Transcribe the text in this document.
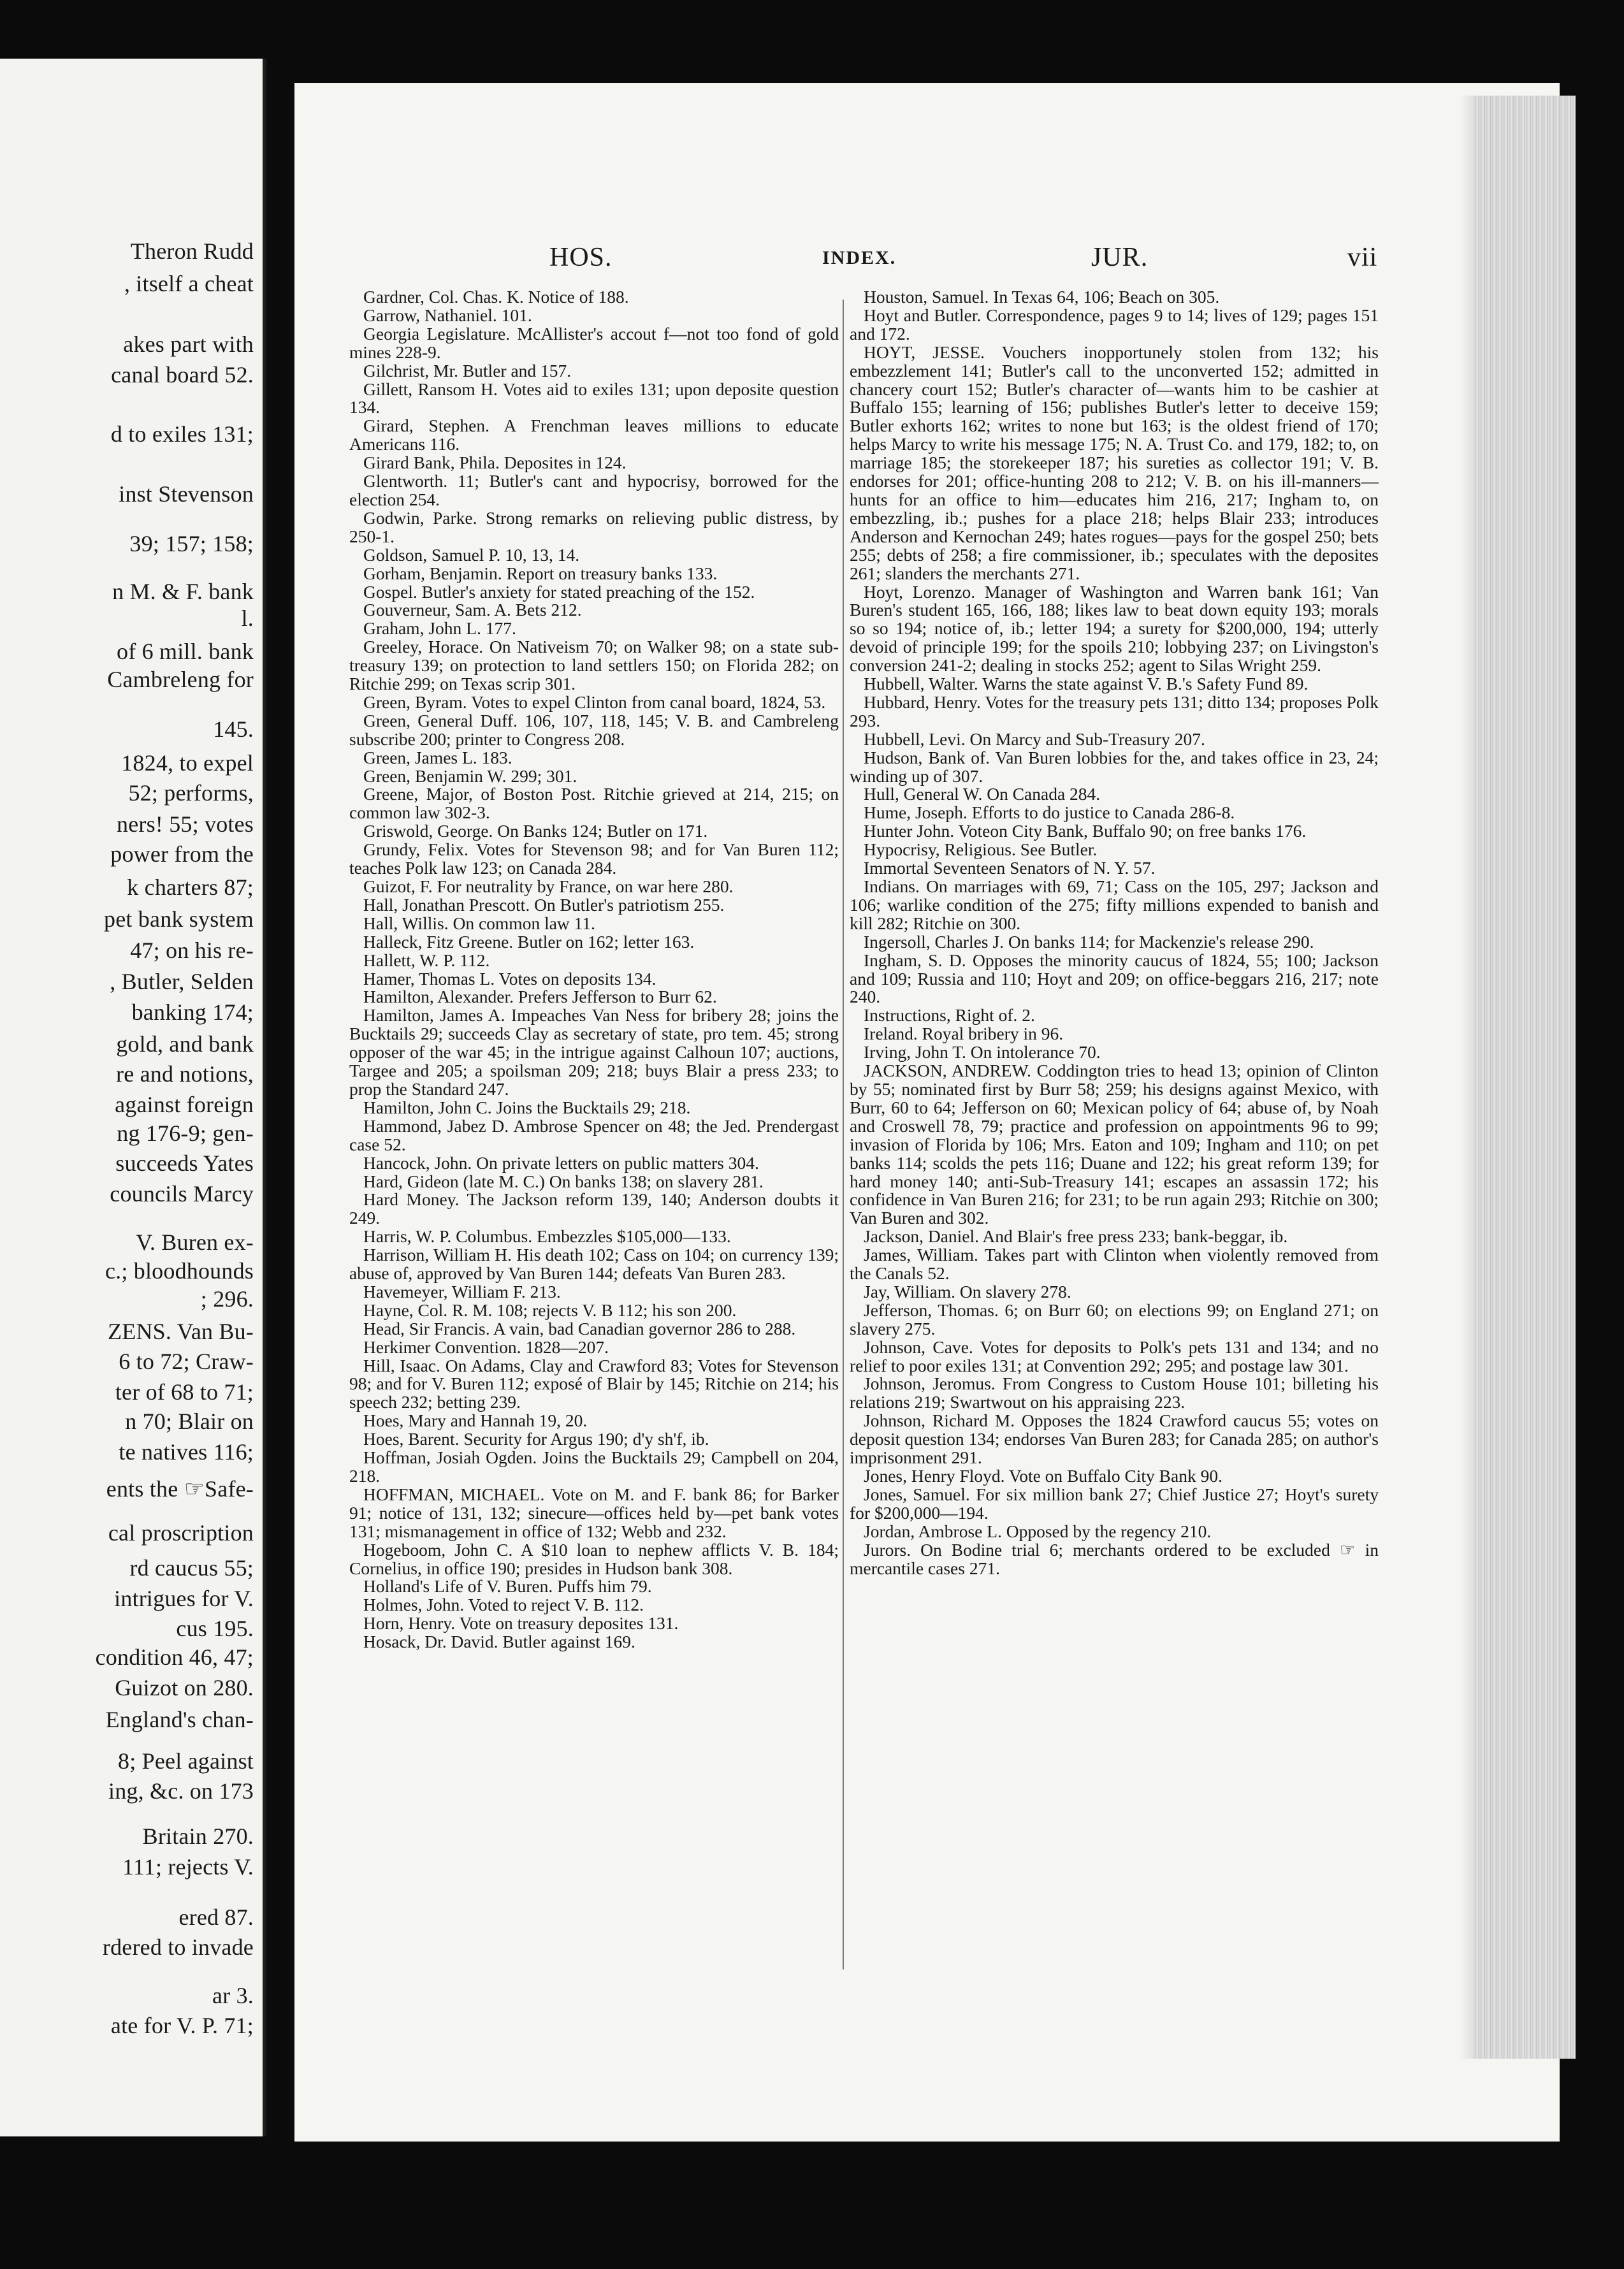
Theron Rudd
, itself a cheat
akes part with
canal board 52.
d to exiles 131;
inst Stevenson
39; 157; 158;
n M. & F. bank
l.
of 6 mill. bank
Cambreleng for
145.
1824, to expel
52; performs,
ners! 55; votes
power from the
k charters 87;
pet bank system
47; on his re-
, Butler, Selden
banking 174;
gold, and bank
re and notions,
against foreign
ng 176-9; gen-
succeeds Yates
councils Marcy
V. Buren ex-
c.; bloodhounds
; 296.
ZENS. Van Bu-
6 to 72; Craw-
ter of 68 to 71;
n 70; Blair on
te natives 116;
ents the ☞Safe-
cal proscription
rd caucus 55;
intrigues for V.
cus 195.
condition 46, 47;
Guizot on 280.
England's chan-
8; Peel against
ing, &c. on 173
Britain 270.
111; rejects V.
ered 87.
rdered to invade
ar 3.
ate for V. P. 71;
HOS.	INDEX.	JUR.	vii

Gardner, Col. Chas. K. Notice of 188.

Garrow, Nathaniel. 101.

Georgia Legislature. McAllister's accout f—not too fond of gold mines 228-9.

Gilchrist, Mr. Butler and 157.

Gillett, Ransom H. Votes aid to exiles 131; upon deposite question 134.

Girard, Stephen. A Frenchman leaves millions to educate Americans 116.

Girard Bank, Phila. Deposites in 124.

Glentworth. 11; Butler's cant and hypocrisy, borrowed for the election 254.

Godwin, Parke. Strong remarks on relieving public distress, by 250-1.

Goldson, Samuel P. 10, 13, 14.

Gorham, Benjamin. Report on treasury banks 133.

Gospel. Butler's anxiety for stated preaching of the 152.

Gouverneur, Sam. A. Bets 212.

Graham, John L. 177.

Greeley, Horace. On Nativeism 70; on Walker 98; on a state sub-treasury 139; on protection to land settlers 150; on Florida 282; on Ritchie 299; on Texas scrip 301.

Green, Byram. Votes to expel Clinton from canal board, 1824, 53.

Green, General Duff. 106, 107, 118, 145; V. B. and Cambreleng subscribe 200; printer to Congress 208.

Green, James L. 183.

Green, Benjamin W. 299; 301.

Greene, Major, of Boston Post. Ritchie grieved at 214, 215; on common law 302-3.

Griswold, George. On Banks 124; Butler on 171.

Grundy, Felix. Votes for Stevenson 98; and for Van Buren 112; teaches Polk law 123; on Canada 284.

Guizot, F. For neutrality by France, on war here 280.

Hall, Jonathan Prescott. On Butler's patriotism 255.

Hall, Willis. On common law 11.

Halleck, Fitz Greene. Butler on 162; letter 163.

Hallett, W. P. 112.

Hamer, Thomas L. Votes on deposits 134.

Hamilton, Alexander. Prefers Jefferson to Burr 62.

Hamilton, James A. Impeaches Van Ness for bribery 28; joins the Bucktails 29; succeeds Clay as secretary of state, pro tem. 45; strong opposer of the war 45; in the intrigue against Calhoun 107; auctions, Targee and 205; a spoilsman 209; 218; buys Blair a press 233; to prop the Standard 247.

Hamilton, John C. Joins the Bucktails 29; 218.

Hammond, Jabez D. Ambrose Spencer on 48; the Jed. Prendergast case 52.

Hancock, John. On private letters on public matters 304.

Hard, Gideon (late M. C.) On banks 138; on slavery 281.

Hard Money. The Jackson reform 139, 140; Anderson doubts it 249.

Harris, W. P. Columbus. Embezzles $105,000—133.

Harrison, William H. His death 102; Cass on 104; on currency 139; abuse of, approved by Van Buren 144; defeats Van Buren 283.

Havemeyer, William F. 213.

Hayne, Col. R. M. 108; rejects V. B 112; his son 200.

Head, Sir Francis. A vain, bad Canadian governor 286 to 288.

Herkimer Convention. 1828—207.

Hill, Isaac. On Adams, Clay and Crawford 83; Votes for Stevenson 98; and for V. Buren 112; exposé of Blair by 145; Ritchie on 214; his speech 232; betting 239.

Hoes, Mary and Hannah 19, 20.

Hoes, Barent. Security for Argus 190; d'y sh'f, ib.

Hoffman, Josiah Ogden. Joins the Bucktails 29; Campbell on 204, 218.

HOFFMAN, MICHAEL. Vote on M. and F. bank 86; for Barker 91; notice of 131, 132; sinecure—offices held by—pet bank votes 131; mismanagement in office of 132; Webb and 232.

Hogeboom, John C. A $10 loan to nephew afflicts V. B. 184; Cornelius, in office 190; presides in Hudson bank 308.

Holland's Life of V. Buren. Puffs him 79.

Holmes, John. Voted to reject V. B. 112.

Horn, Henry. Vote on treasury deposites 131.

Hosack, Dr. David. Butler against 169.

Houston, Samuel. In Texas 64, 106; Beach on 305.

Hoyt and Butler. Correspondence, pages 9 to 14; lives of 129; pages 151 and 172.

HOYT, JESSE. Vouchers inopportunely stolen from 132; his embezzlement 141; Butler's call to the unconverted 152; admitted in chancery court 152; Butler's character of—wants him to be cashier at Buffalo 155; learning of 156; publishes Butler's letter to deceive 159; Butler exhorts 162; writes to none but 163; is the oldest friend of 170; helps Marcy to write his message 175; N. A. Trust Co. and 179, 182; to, on marriage 185; the storekeeper 187; his sureties as collector 191; V. B. endorses for 201; office-hunting 208 to 212; V. B. on his ill-manners—hunts for an office to him—educates him 216, 217; Ingham to, on embezzling, ib.; pushes for a place 218; helps Blair 233; introduces Anderson and Kernochan 249; hates rogues—pays for the gospel 250; bets 255; debts of 258; a fire commissioner, ib.; speculates with the deposites 261; slanders the merchants 271.

Hoyt, Lorenzo. Manager of Washington and Warren bank 161; Van Buren's student 165, 166, 188; likes law to beat down equity 193; morals so so 194; notice of, ib.; letter 194; a surety for $200,000, 194; utterly devoid of principle 199; for the spoils 210; lobbying 237; on Livingston's conversion 241-2; dealing in stocks 252; agent to Silas Wright 259.

Hubbell, Walter. Warns the state against V. B.'s Safety Fund 89.

Hubbard, Henry. Votes for the treasury pets 131; ditto 134; proposes Polk 293.

Hubbell, Levi. On Marcy and Sub-Treasury 207.

Hudson, Bank of. Van Buren lobbies for the, and takes office in 23, 24; winding up of 307.

Hull, General W. On Canada 284.

Hume, Joseph. Efforts to do justice to Canada 286-8.

Hunter John. Voteon City Bank, Buffalo 90; on free banks 176.

Hypocrisy, Religious. See Butler.

Immortal Seventeen Senators of N. Y. 57.

Indians. On marriages with 69, 71; Cass on the 105, 297; Jackson and 106; warlike condition of the 275; fifty millions expended to banish and kill 282; Ritchie on 300.

Ingersoll, Charles J. On banks 114; for Mackenzie's release 290.

Ingham, S. D. Opposes the minority caucus of 1824, 55; 100; Jackson and 109; Russia and 110; Hoyt and 209; on office-beggars 216, 217; note 240.

Instructions, Right of. 2.

Ireland. Royal bribery in 96.

Irving, John T. On intolerance 70.

JACKSON, ANDREW. Coddington tries to head 13; opinion of Clinton by 55; nominated first by Burr 58; 259; his designs against Mexico, with Burr, 60 to 64; Jefferson on 60; Mexican policy of 64; abuse of, by Noah and Croswell 78, 79; practice and profession on appointments 96 to 99; invasion of Florida by 106; Mrs. Eaton and 109; Ingham and 110; on pet banks 114; scolds the pets 116; Duane and 122; his great reform 139; for hard money 140; anti-Sub-Treasury 141; escapes an assassin 172; his confidence in Van Buren 216; for 231; to be run again 293; Ritchie on 300; Van Buren and 302.

Jackson, Daniel. And Blair's free press 233; bank-beggar, ib.

James, William. Takes part with Clinton when violently removed from the Canals 52.

Jay, William. On slavery 278.

Jefferson, Thomas. 6; on Burr 60; on elections 99; on England 271; on slavery 275.

Johnson, Cave. Votes for deposits to Polk's pets 131 and 134; and no relief to poor exiles 131; at Convention 292; 295; and postage law 301.

Johnson, Jeromus. From Congress to Custom House 101; billeting his relations 219; Swartwout on his appraising 223.

Johnson, Richard M. Opposes the 1824 Crawford caucus 55; votes on deposit question 134; endorses Van Buren 283; for Canada 285; on author's imprisonment 291.

Jones, Henry Floyd. Vote on Buffalo City Bank 90.

Jones, Samuel. For six million bank 27; Chief Justice 27; Hoyt's surety for $200,000—194.

Jordan, Ambrose L. Opposed by the regency 210.

Jurors. On Bodine trial 6; merchants ordered to be excluded ☞ in mercantile cases 271.
